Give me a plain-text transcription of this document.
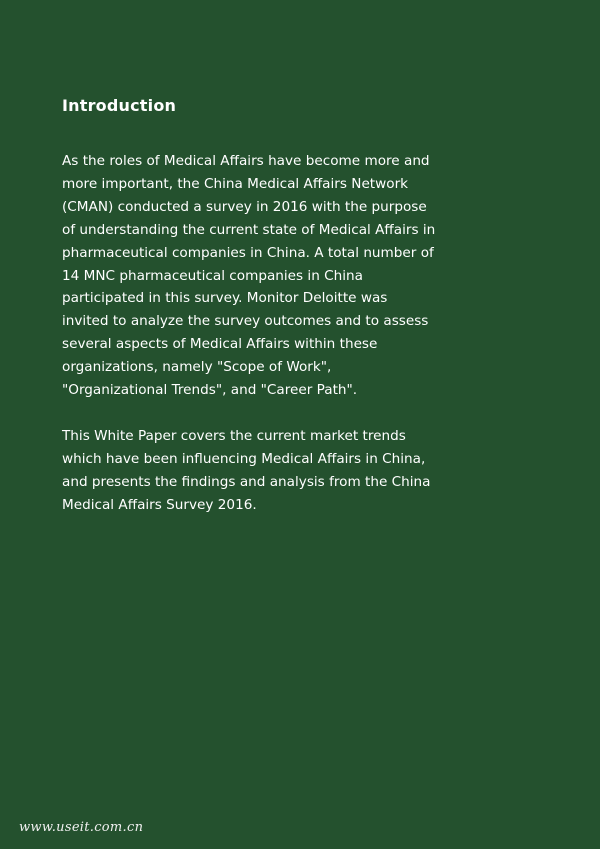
Introduction

As the roles of Medical Affairs have become more and
more important, the China Medical Affairs Network
(CMAN) conducted a survey in 2016 with the purpose
of understanding the current state of Medical Affairs in
pharmaceutical companies in China. A total number of
14 MNC pharmaceutical companies in China
participated in this survey. Monitor Deloitte was
invited to analyze the survey outcomes and to assess
several aspects of Medical Affairs within these
organizations, namely "Scope of Work",
"Organizational Trends", and "Career Path".

This White Paper covers the current market trends
which have been influencing Medical Affairs in China,
and presents the findings and analysis from the China
Medical Affairs Survey 2016.

www.useit.com.cn
